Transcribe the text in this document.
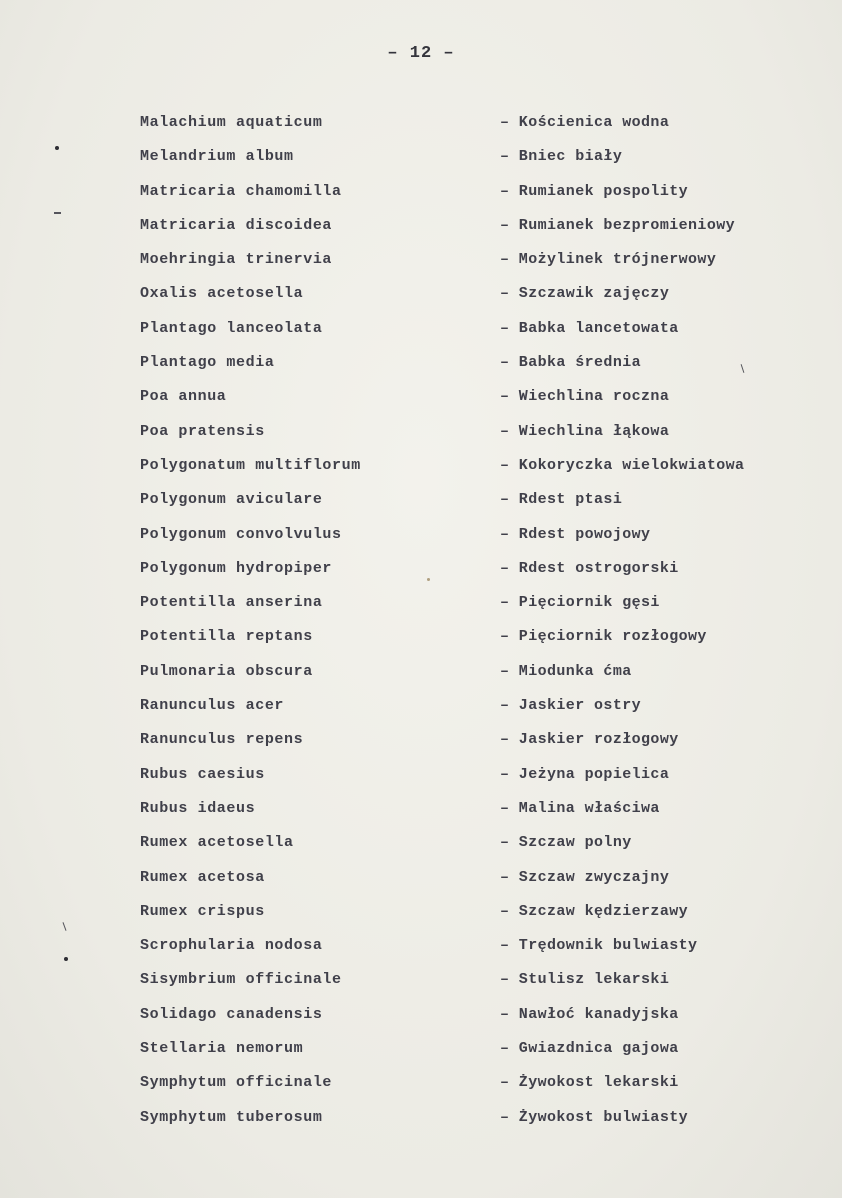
– 12 –
Malachium aquaticum	– Kościenica wodna
Melandrium album	– Bniec biały
Matricaria chamomilla	– Rumianek pospolity
Matricaria discoidea	– Rumianek bezpromieniowy
Moehringia trinervia	– Możylinek trójnerwowy
Oxalis acetosella	– Szczawik zajęczy
Plantago lanceolata	– Babka lancetowata
Plantago media	– Babka średnia
Poa annua	– Wiechlina roczna
Poa pratensis	– Wiechlina łąkowa
Polygonatum multiflorum	– Kokoryczka wielokwiatowa
Polygonum aviculare	– Rdest ptasi
Polygonum convolvulus	– Rdest powojowy
Polygonum hydropiper	– Rdest ostrogorski
Potentilla anserina	– Pięciornik gęsi
Potentilla reptans	– Pięciornik rozłogowy
Pulmonaria obscura	– Miodunka ćma
Ranunculus acer	– Jaskier ostry
Ranunculus repens	– Jaskier rozłogowy
Rubus caesius	– Jeżyna popielica
Rubus idaeus	– Malina właściwa
Rumex acetosella	– Szczaw polny
Rumex acetosa	– Szczaw zwyczajny
Rumex crispus	– Szczaw kędzierzawy
Scrophularia nodosa	– Trędownik bulwiasty
Sisymbrium officinale	– Stulisz lekarski
Solidago canadensis	– Nawłoć kanadyjska
Stellaria nemorum	– Gwiazdnica gajowa
Symphytum officinale	– Żywokost lekarski
Symphytum tuberosum	– Żywokost bulwiasty
